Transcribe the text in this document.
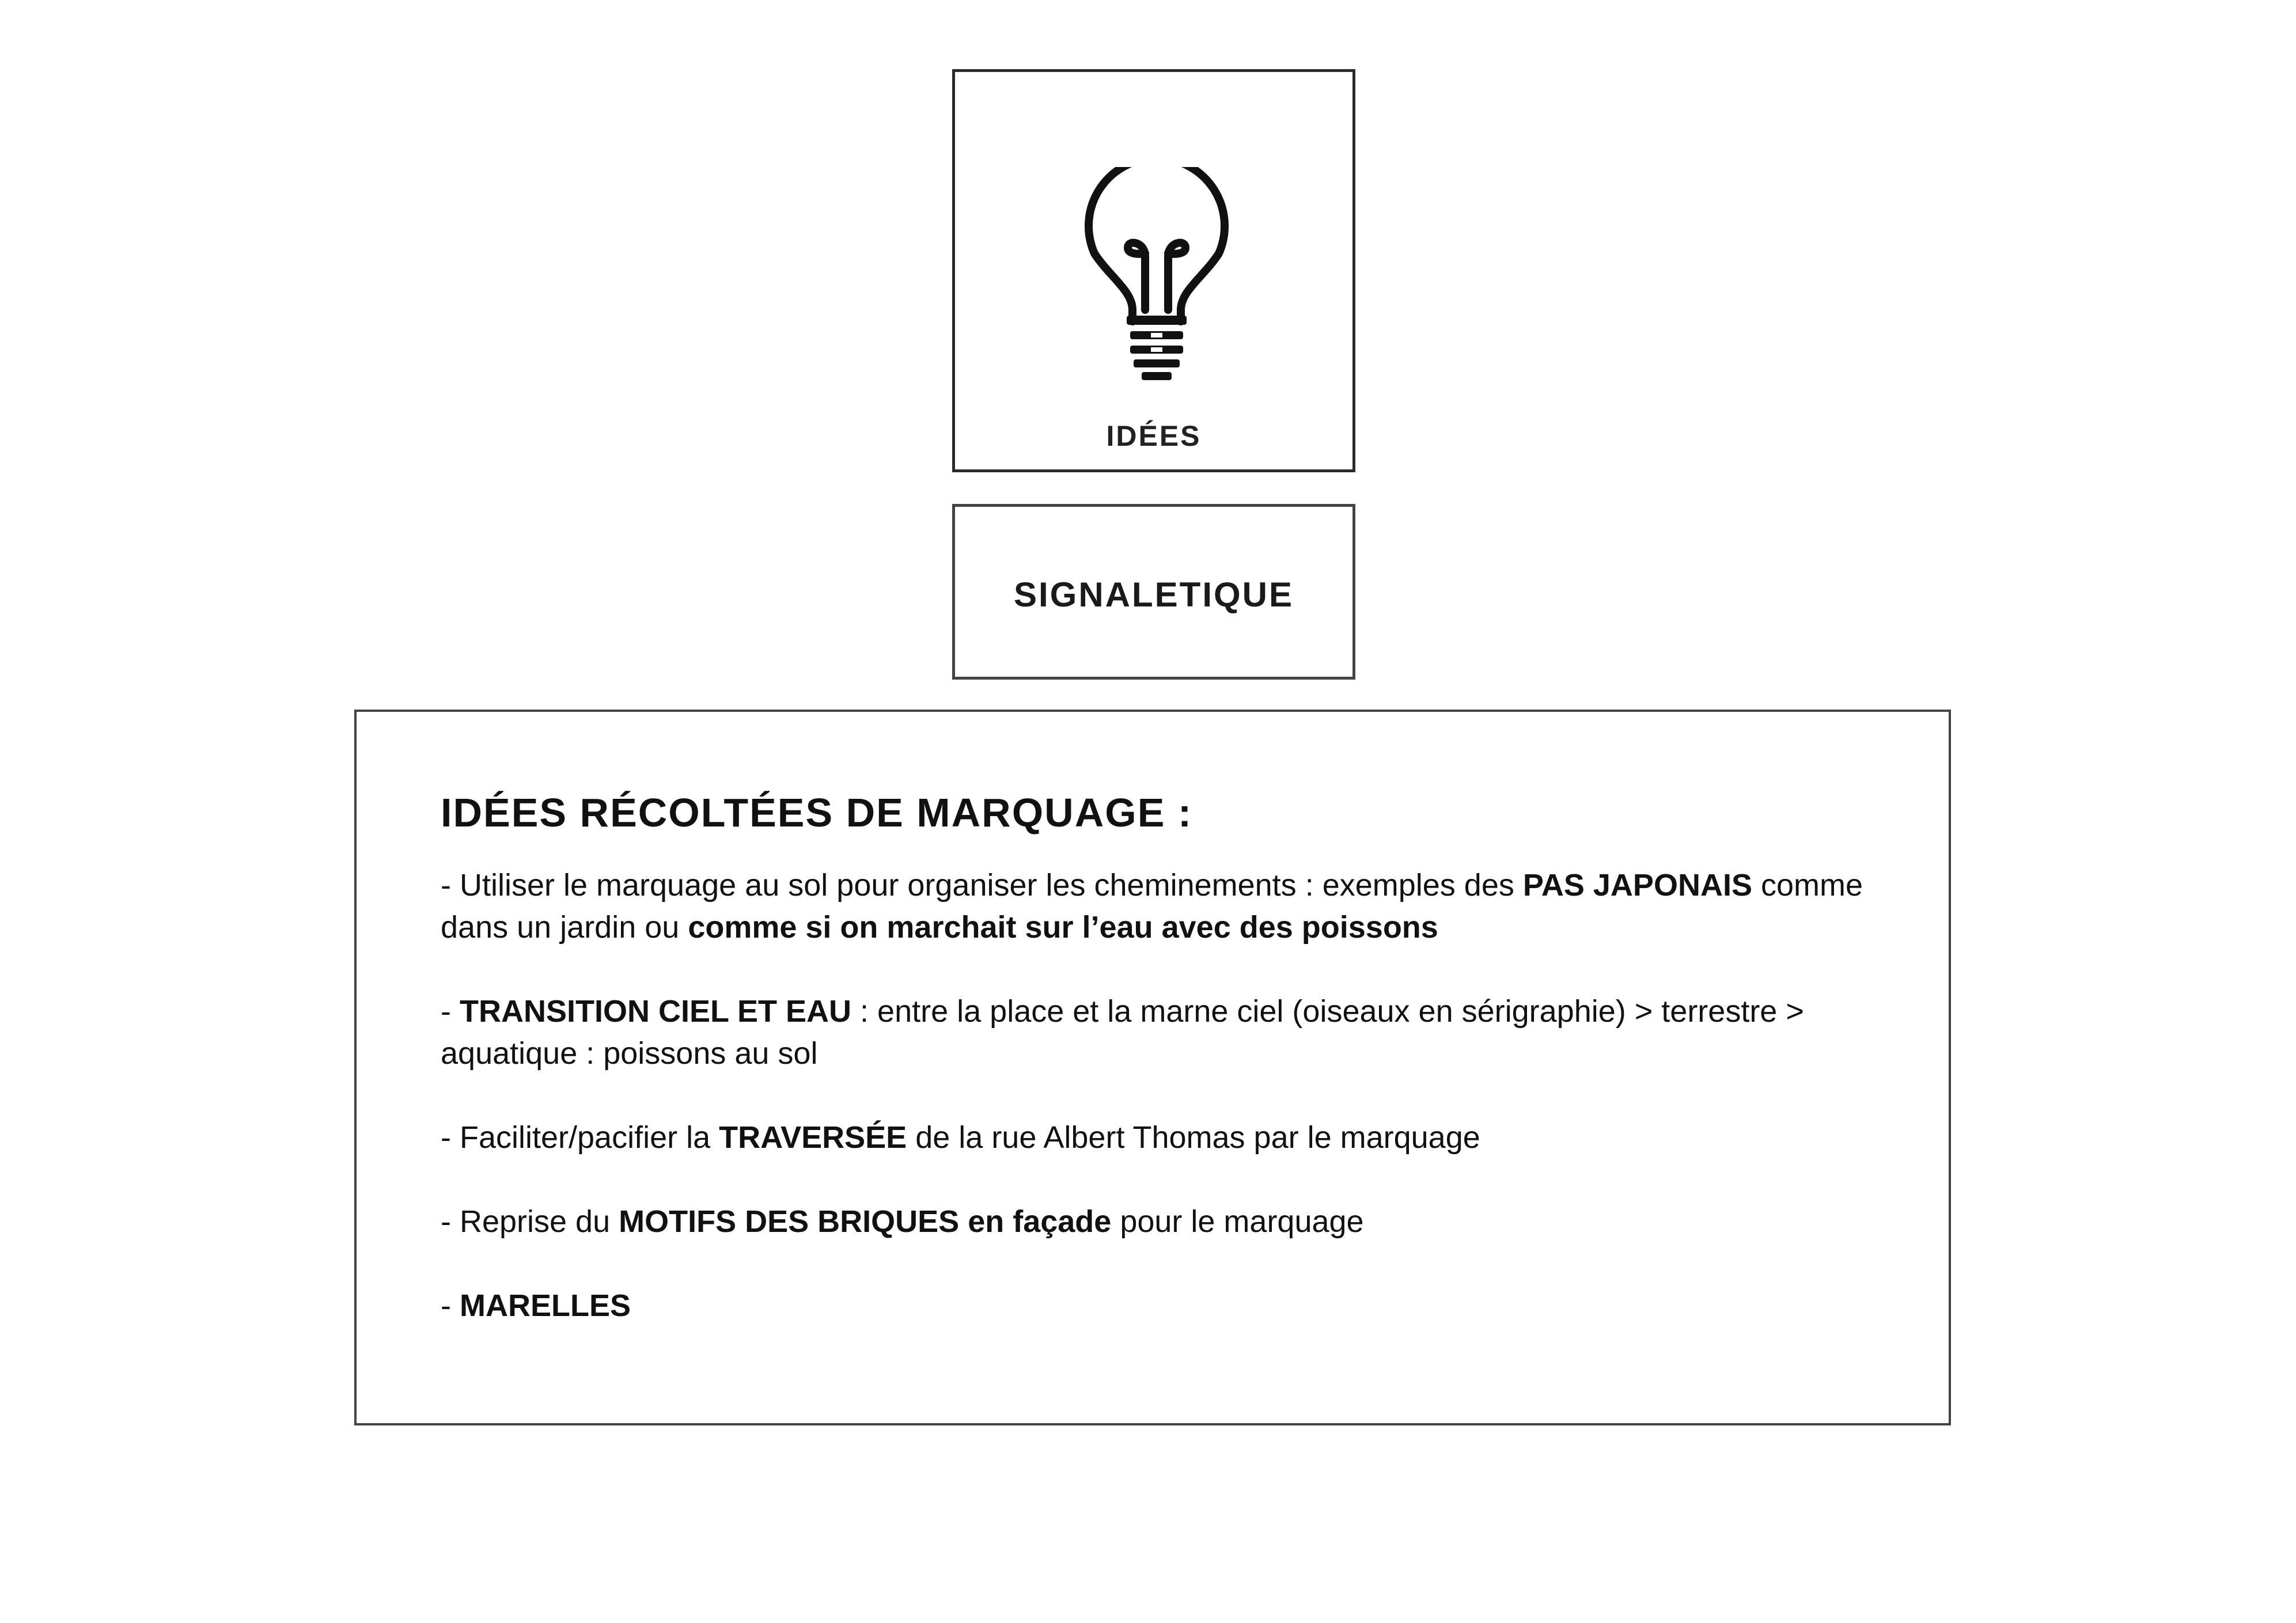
IDÉES
SIGNALETIQUE
IDÉES RÉCOLTÉES DE MARQUAGE :

- Utiliser le marquage au sol pour organiser les cheminements : exemples des PAS JAPONAIS comme dans un jardin ou comme si on marchait sur l’eau avec des poissons

- TRANSITION CIEL ET EAU : entre la place et la marne ciel (oiseaux en sérigraphie) > terrestre > aquatique : poissons au sol

- Faciliter/pacifier la TRAVERSÉE de la rue Albert Thomas par le marquage

- Reprise du MOTIFS DES BRIQUES en façade pour le marquage

- MARELLES
